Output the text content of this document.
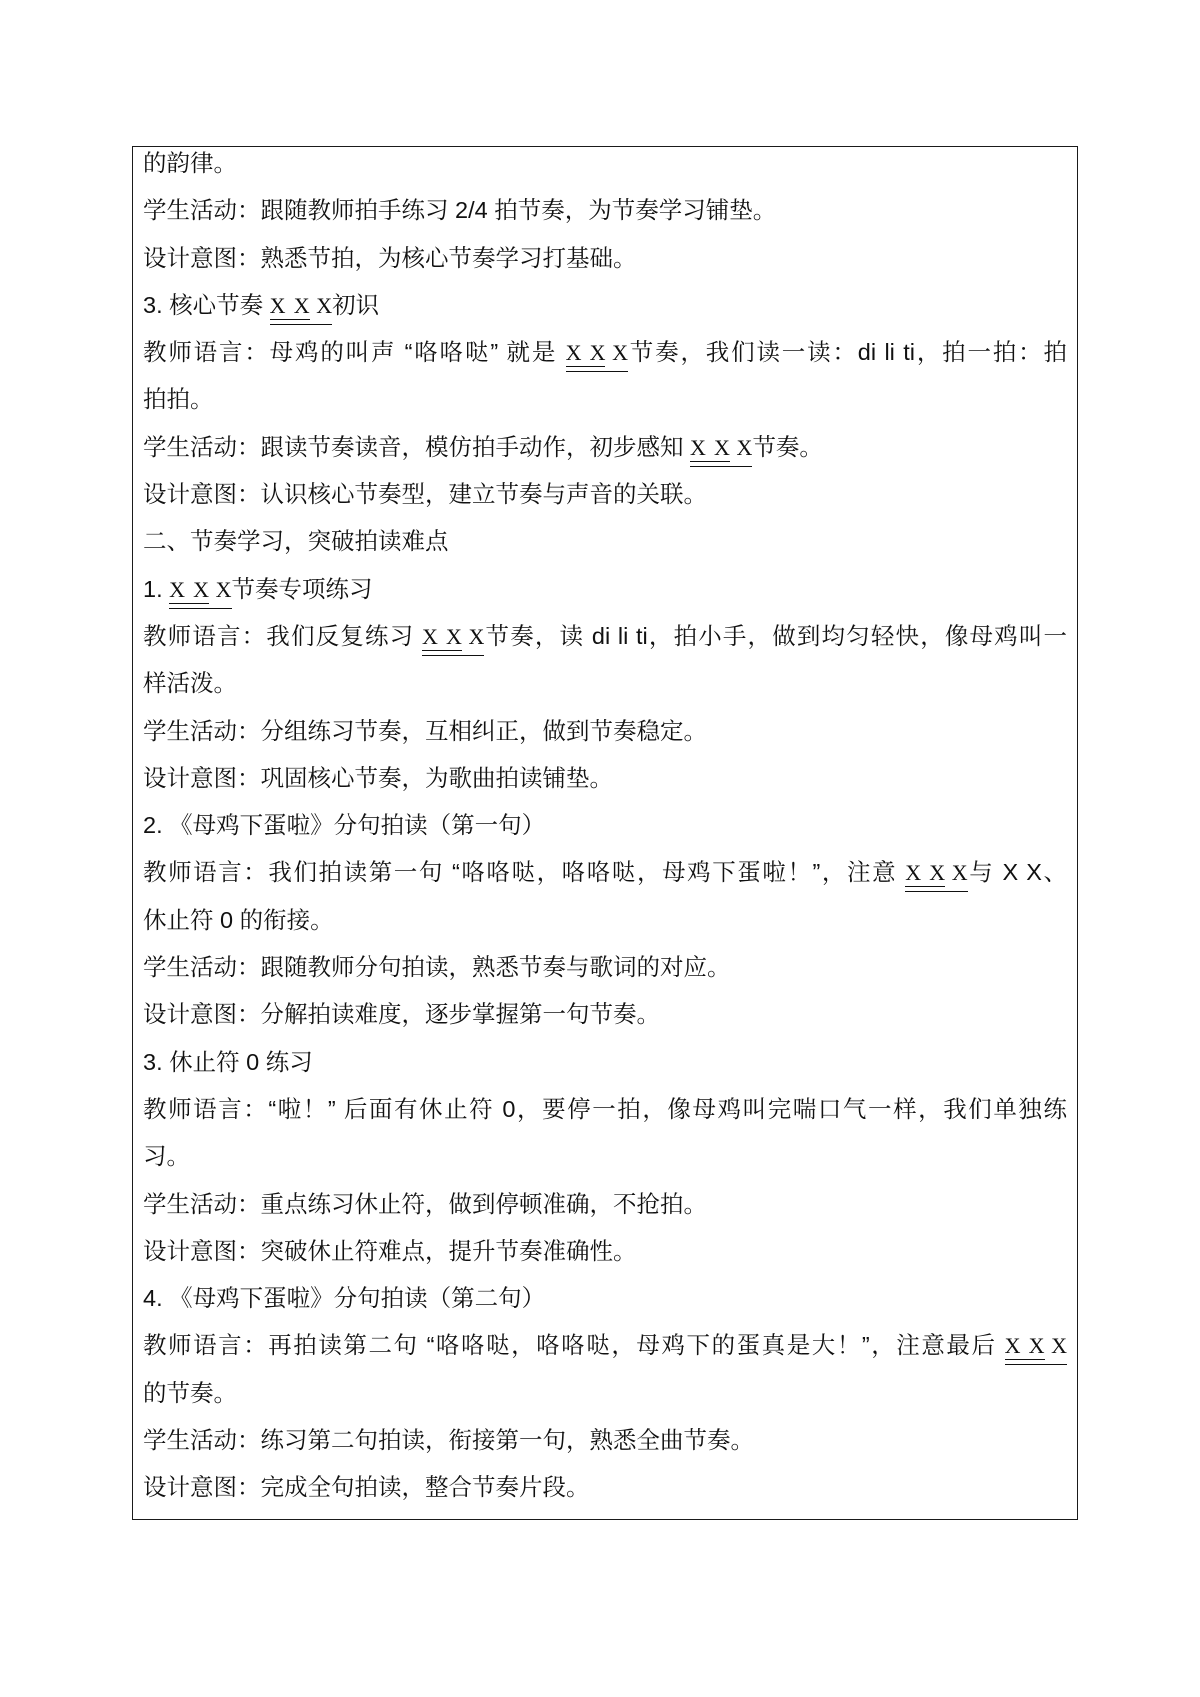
的韵律。
学生活动：跟随教师拍手练习 2/4 拍节奏，为节奏学习铺垫。
设计意图：熟悉节拍，为核心节奏学习打基础。
3. 核心节奏 X X X初识
教师语言：母鸡的叫声 “咯咯哒” 就是 X X X节奏，我们读一读：di li ti，拍一拍：拍
拍拍。
学生活动：跟读节奏读音，模仿拍手动作，初步感知 X X X节奏。
设计意图：认识核心节奏型，建立节奏与声音的关联。
二、节奏学习，突破拍读难点
1. X X X节奏专项练习
教师语言：我们反复练习 X X X节奏，读 di li ti，拍小手，做到均匀轻快，像母鸡叫一
样活泼。
学生活动：分组练习节奏，互相纠正，做到节奏稳定。
设计意图：巩固核心节奏，为歌曲拍读铺垫。
2. 《母鸡下蛋啦》分句拍读（第一句）
教师语言：我们拍读第一句 “咯咯哒，咯咯哒，母鸡下蛋啦！”，注意 X X X与 X X、
休止符 0 的衔接。
学生活动：跟随教师分句拍读，熟悉节奏与歌词的对应。
设计意图：分解拍读难度，逐步掌握第一句节奏。
3. 休止符 0 练习
教师语言：“啦！” 后面有休止符 0，要停一拍，像母鸡叫完喘口气一样，我们单独练
习。
学生活动：重点练习休止符，做到停顿准确，不抢拍。
设计意图：突破休止符难点，提升节奏准确性。
4. 《母鸡下蛋啦》分句拍读（第二句）
教师语言：再拍读第二句 “咯咯哒，咯咯哒，母鸡下的蛋真是大！”，注意最后 X X X
的节奏。
学生活动：练习第二句拍读，衔接第一句，熟悉全曲节奏。
设计意图：完成全句拍读，整合节奏片段。
